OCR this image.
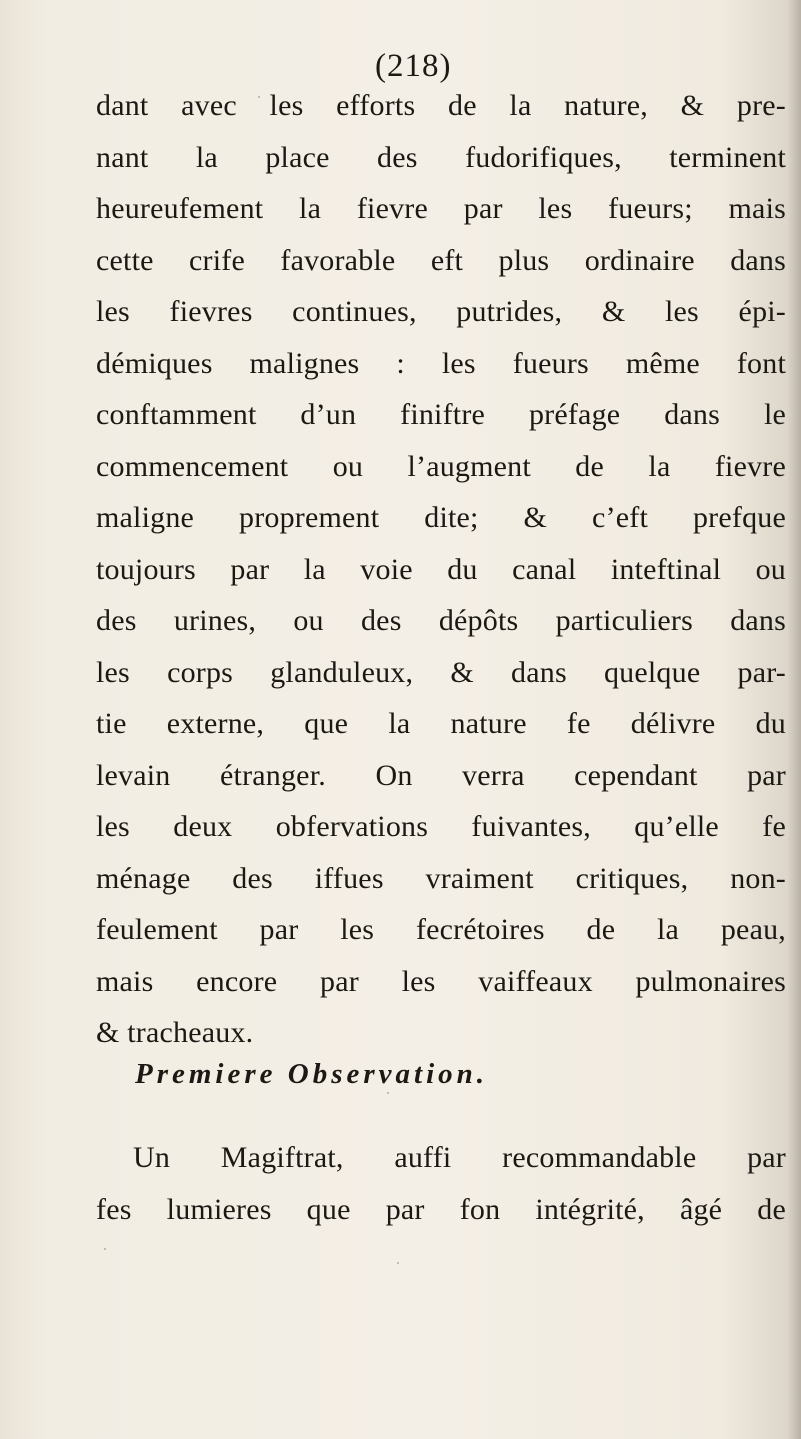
(218)
dant avec les efforts de la nature, & pre-
nant la place des fudorifiques, terminent
heureufement la fievre par les fueurs; mais
cette crife favorable eft plus ordinaire dans
les fievres continues, putrides, & les épi-
démiques malignes : les fueurs même font
conftamment d’un finiftre préfage dans le
commencement ou l’augment de la fievre
maligne proprement dite; & c’eft prefque
toujours par la voie du canal inteftinal ou
des urines, ou des dépôts particuliers dans
les corps glanduleux, & dans quelque par-
tie externe, que la nature fe délivre du
levain étranger. On verra cependant par
les deux obfervations fuivantes, qu’elle fe
ménage des iffues vraiment critiques, non-
feulement par les fecrétoires de la peau,
mais encore par les vaiffeaux pulmonaires
& tracheaux.
Premiere Observation.
Un Magiftrat, auffi recommandable par
fes lumieres que par fon intégrité, âgé de
